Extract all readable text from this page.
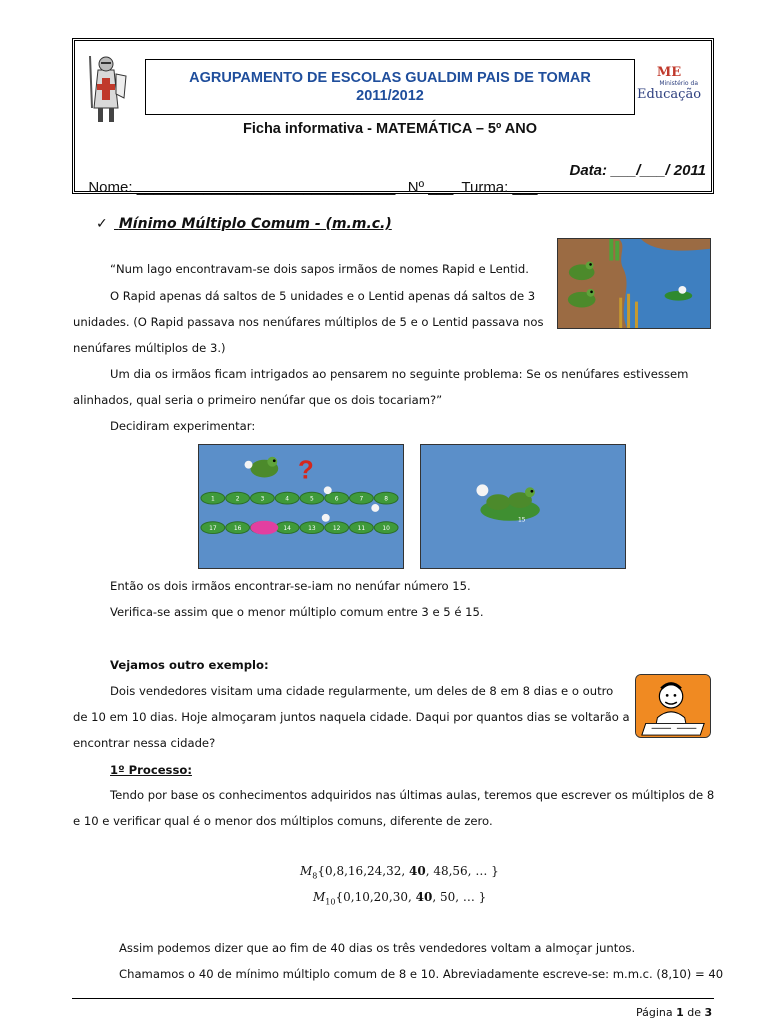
AGRUPAMENTO DE ESCOLAS GUALDIM PAIS DE TOMAR
2011/2012
ME
Ministério da
Educação
Ficha informativa - MATEMÁTICA – 5º ANO

Nome: _______________________________   Nº ___  Turma: ___

Data: ___/___/ 2011

✓ Mínimo Múltiplo Comum - (m.m.c.)
“Num lago encontravam-se dois sapos irmãos de nomes Rapid e Lentid.
O Rapid apenas dá saltos de 5 unidades e o Lentid apenas dá saltos de 3
unidades. (O Rapid passava nos nenúfares múltiplos de 5 e o Lentid passava nos
nenúfares múltiplos de 3.)
Um dia os irmãos ficam intrigados ao pensarem no seguinte problema: Se os nenúfares estivessem
alinhados, qual seria o primeiro nenúfar que os dois tocariam?”
Decidiram experimentar:
1	2	3	4	5	6	7	8
17	16	14	13	12	11	10
?
15
Então os dois irmãos encontrar-se-iam no nenúfar número 15.
Verifica-se assim que o menor múltiplo comum entre 3 e 5 é 15.
Vejamos outro exemplo:
Dois vendedores visitam uma cidade regularmente, um deles de 8 em 8 dias e o outro
de 10 em 10 dias. Hoje almoçaram juntos naquela cidade. Daqui por quantos dias se voltarão a
encontrar nessa cidade?
1º Processo:
Tendo por base os conhecimentos adquiridos nas últimas aulas, teremos que escrever os múltiplos de 8
e 10 e verificar qual é o menor dos múltiplos comuns, diferente de zero.
$M_8\{0,8,16,24,32$, 40, 48,56, … }
$M_{10}\{0,10,20,30$, 40, 50, … }
Assim podemos dizer que ao fim de 40 dias os três vendedores voltam a almoçar juntos.
Chamamos o 40 de mínimo múltiplo comum de 8 e 10. Abreviadamente escreve-se: m.m.c. (8,10) = 40
Página 1 de 3
